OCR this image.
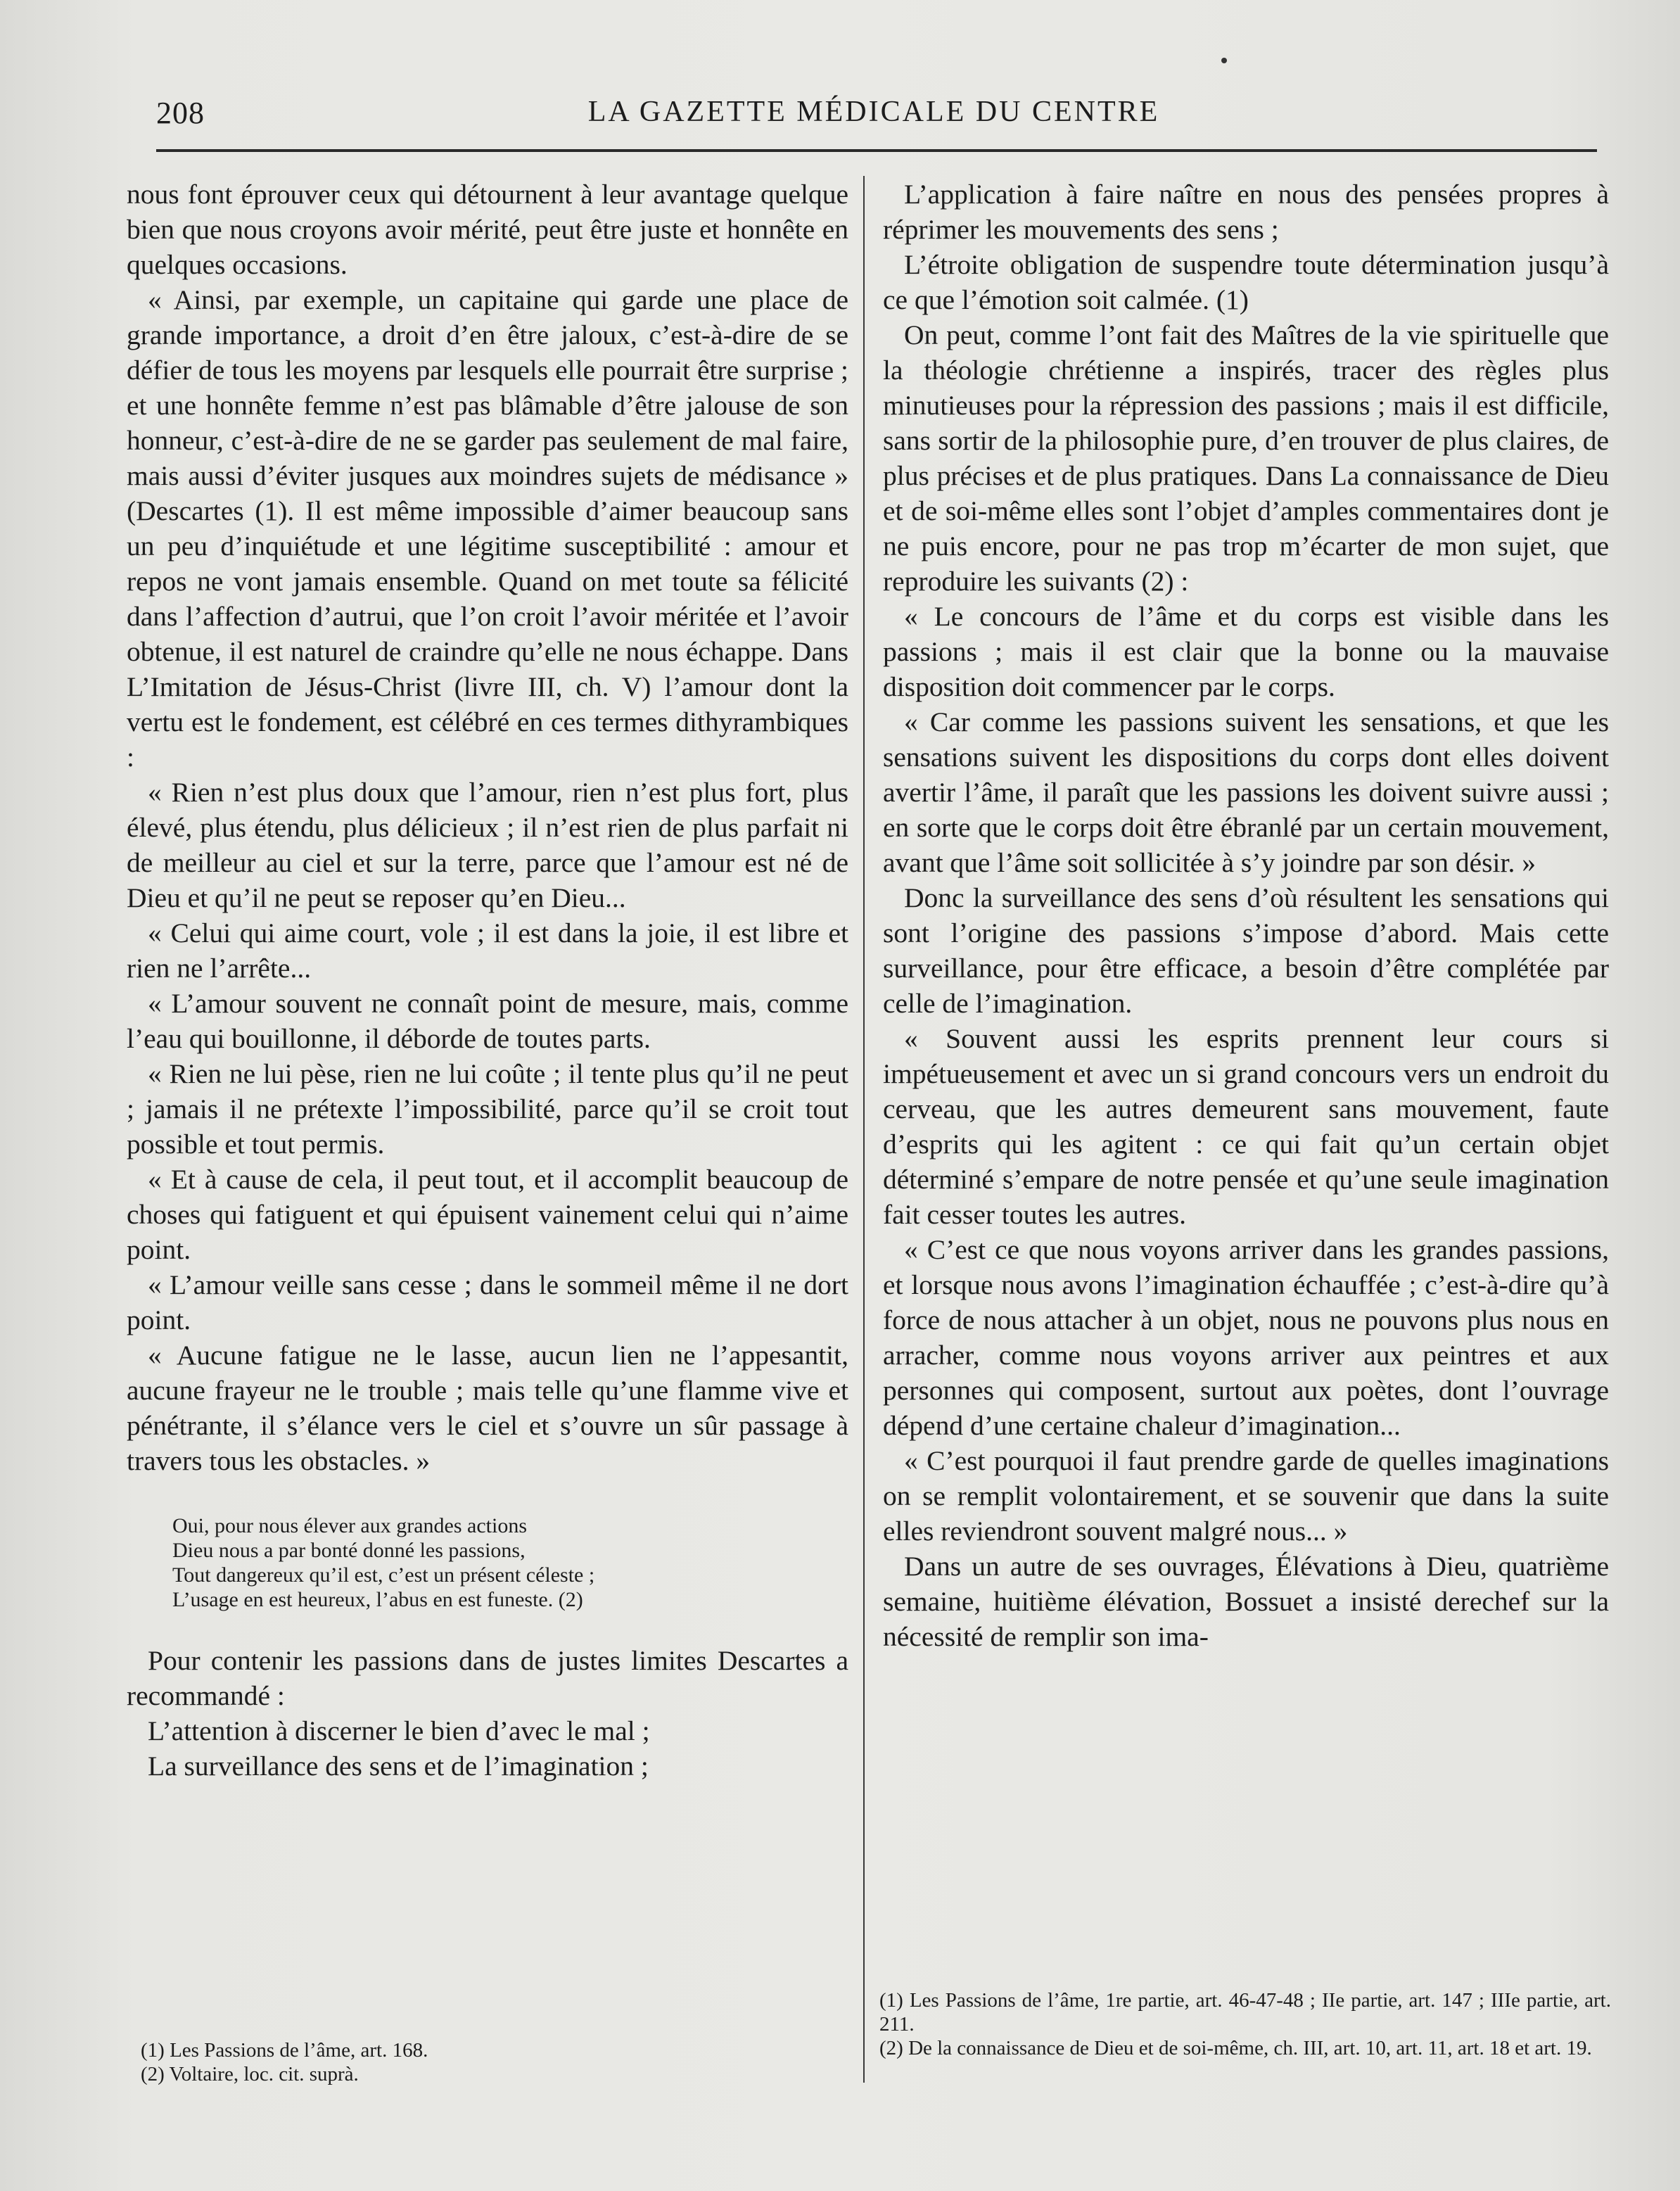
208	LA GAZETTE MÉDICALE DU CENTRE

nous font éprouver ceux qui détournent à leur avantage quelque bien que nous croyons avoir mérité, peut être juste et honnête en quelques occasions.

« Ainsi, par exemple, un capitaine qui garde une place de grande importance, a droit d’en être jaloux, c’est-à-dire de se défier de tous les moyens par lesquels elle pourrait être surprise ; et une honnête femme n’est pas blâmable d’être jalouse de son honneur, c’est-à-dire de ne se garder pas seulement de mal faire, mais aussi d’éviter jusques aux moindres sujets de médisance » (Descartes (1). Il est même impossible d’aimer beaucoup sans un peu d’inquiétude et une légitime susceptibilité : amour et repos ne vont jamais ensemble. Quand on met toute sa félicité dans l’affection d’autrui, que l’on croit l’avoir méritée et l’avoir obtenue, il est naturel de craindre qu’elle ne nous échappe. Dans L’Imitation de Jésus-Christ (livre III, ch. V) l’amour dont la vertu est le fondement, est célébré en ces termes dithyrambiques :

« Rien n’est plus doux que l’amour, rien n’est plus fort, plus élevé, plus étendu, plus délicieux ; il n’est rien de plus parfait ni de meilleur au ciel et sur la terre, parce que l’amour est né de Dieu et qu’il ne peut se reposer qu’en Dieu...

« Celui qui aime court, vole ; il est dans la joie, il est libre et rien ne l’arrête...

« L’amour souvent ne connaît point de mesure, mais, comme l’eau qui bouillonne, il déborde de toutes parts.

« Rien ne lui pèse, rien ne lui coûte ; il tente plus qu’il ne peut ; jamais il ne prétexte l’impossibilité, parce qu’il se croit tout possible et tout permis.

« Et à cause de cela, il peut tout, et il accomplit beaucoup de choses qui fatiguent et qui épuisent vainement celui qui n’aime point.

« L’amour veille sans cesse ; dans le sommeil même il ne dort point.

« Aucune fatigue ne le lasse, aucun lien ne l’appesantit, aucune frayeur ne le trouble ; mais telle qu’une flamme vive et pénétrante, il s’élance vers le ciel et s’ouvre un sûr passage à travers tous les obstacles. »

Oui, pour nous élever aux grandes actions
Dieu nous a par bonté donné les passions,
Tout dangereux qu’il est, c’est un présent céleste ;
L’usage en est heureux, l’abus en est funeste. (2)

Pour contenir les passions dans de justes limites Descartes a recommandé :

L’attention à discerner le bien d’avec le mal ;

La surveillance des sens et de l’imagination ;

(1) Les Passions de l’âme, art. 168.
(2) Voltaire, loc. cit. suprà.

L’application à faire naître en nous des pensées propres à réprimer les mouvements des sens ;

L’étroite obligation de suspendre toute détermination jusqu’à ce que l’émotion soit calmée. (1)

On peut, comme l’ont fait des Maîtres de la vie spirituelle que la théologie chrétienne a inspirés, tracer des règles plus minutieuses pour la répression des passions ; mais il est difficile, sans sortir de la philosophie pure, d’en trouver de plus claires, de plus précises et de plus pratiques. Dans La connaissance de Dieu et de soi-même elles sont l’objet d’amples commentaires dont je ne puis encore, pour ne pas trop m’écarter de mon sujet, que reproduire les suivants (2) :

« Le concours de l’âme et du corps est visible dans les passions ; mais il est clair que la bonne ou la mauvaise disposition doit commencer par le corps.

« Car comme les passions suivent les sensations, et que les sensations suivent les dispositions du corps dont elles doivent avertir l’âme, il paraît que les passions les doivent suivre aussi ; en sorte que le corps doit être ébranlé par un certain mouvement, avant que l’âme soit sollicitée à s’y joindre par son désir. »

Donc la surveillance des sens d’où résultent les sensations qui sont l’origine des passions s’impose d’abord. Mais cette surveillance, pour être efficace, a besoin d’être complétée par celle de l’imagination.

« Souvent aussi les esprits prennent leur cours si impétueusement et avec un si grand concours vers un endroit du cerveau, que les autres demeurent sans mouvement, faute d’esprits qui les agitent : ce qui fait qu’un certain objet déterminé s’empare de notre pensée et qu’une seule imagination fait cesser toutes les autres.

« C’est ce que nous voyons arriver dans les grandes passions, et lorsque nous avons l’imagination échauffée ; c’est-à-dire qu’à force de nous attacher à un objet, nous ne pouvons plus nous en arracher, comme nous voyons arriver aux peintres et aux personnes qui composent, surtout aux poètes, dont l’ouvrage dépend d’une certaine chaleur d’imagination...

« C’est pourquoi il faut prendre garde de quelles imaginations on se remplit volontairement, et se souvenir que dans la suite elles reviendront souvent malgré nous... »

Dans un autre de ses ouvrages, Élévations à Dieu, quatrième semaine, huitième élévation, Bossuet a insisté derechef sur la nécessité de remplir son ima-

(1) Les Passions de l’âme, 1re partie, art. 46-47-48 ; IIe partie, art. 147 ; IIIe partie, art. 211.
(2) De la connaissance de Dieu et de soi-même, ch. III, art. 10, art. 11, art. 18 et art. 19.
